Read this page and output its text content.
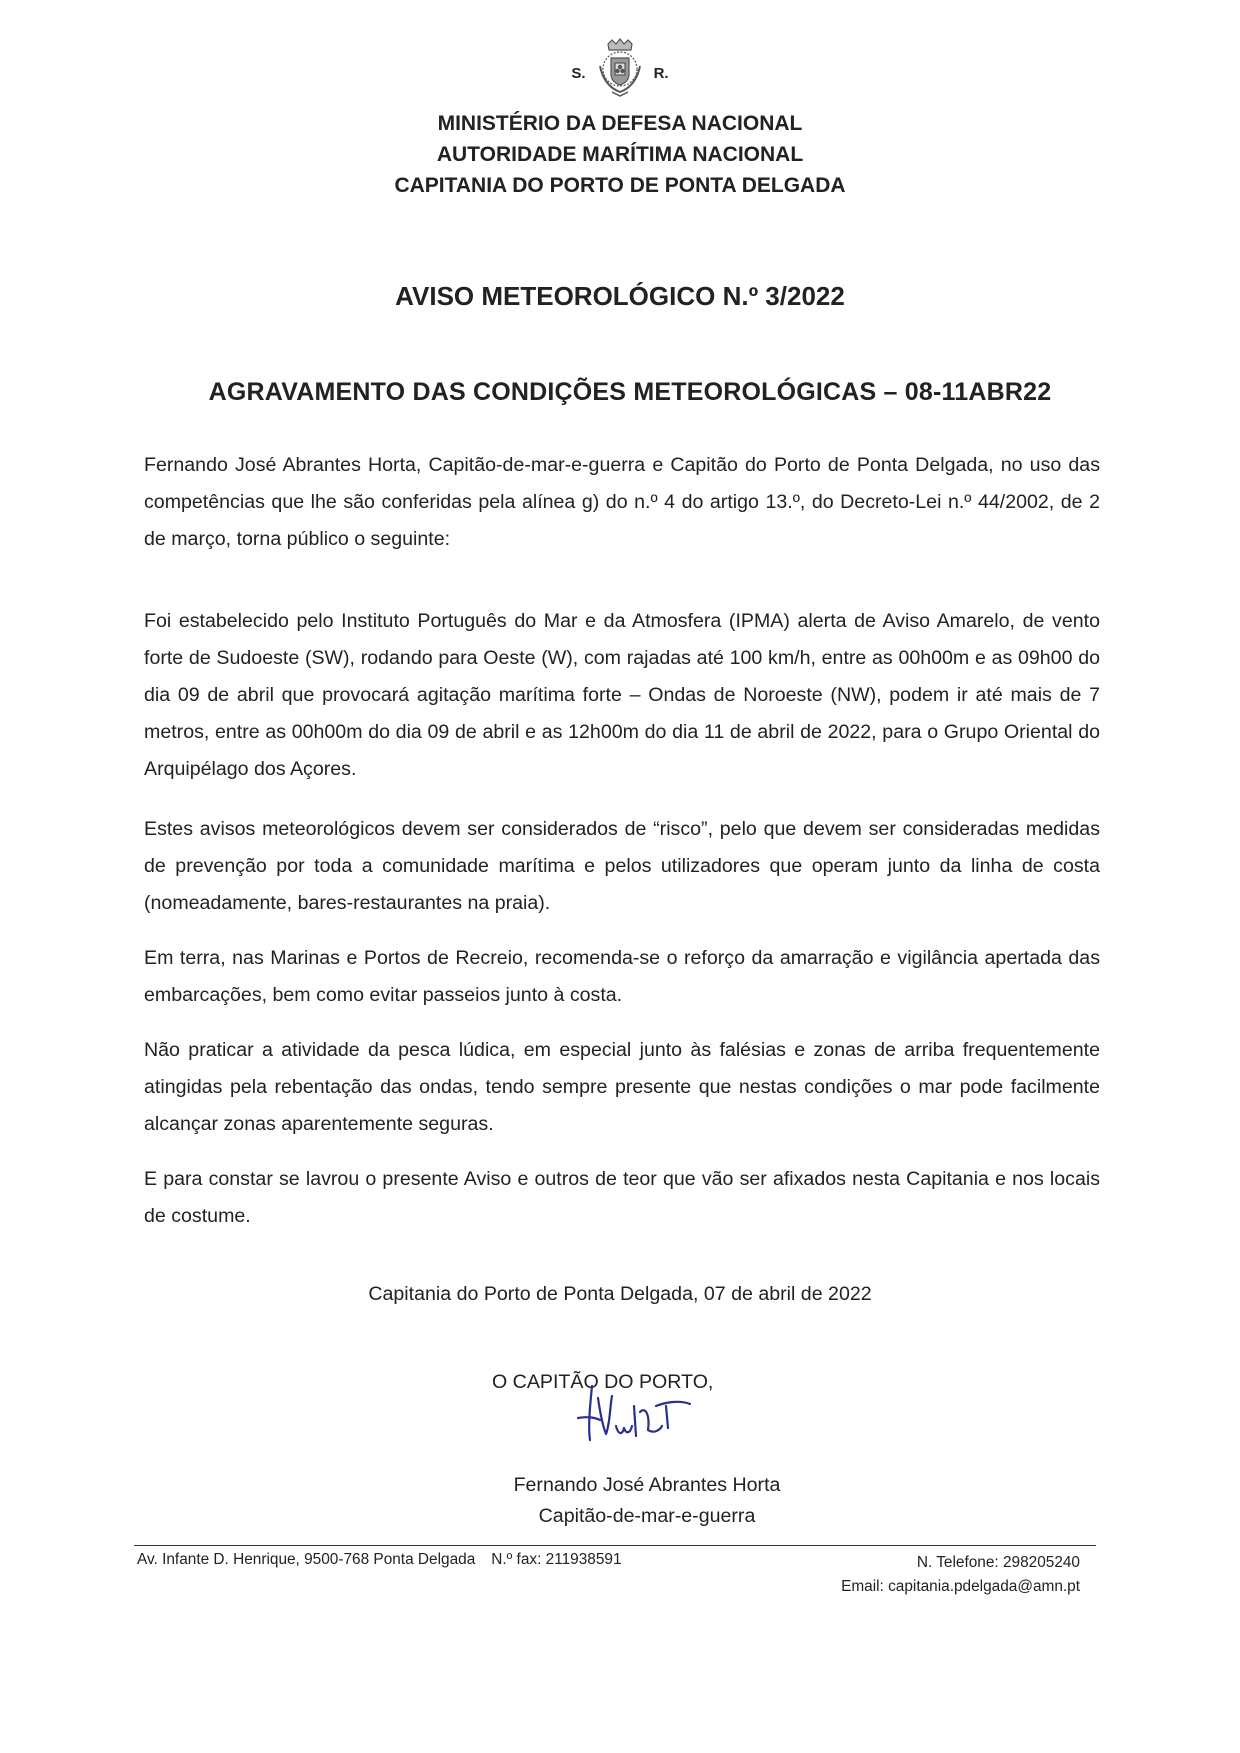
S.	R.
MINISTÉRIO DA DEFESA NACIONAL
AUTORIDADE MARÍTIMA NACIONAL
CAPITANIA DO PORTO DE PONTA DELGADA
AVISO METEOROLÓGICO N.º 3/2022
AGRAVAMENTO DAS CONDIÇÕES METEOROLÓGICAS – 08-11ABR22

Fernando José Abrantes Horta, Capitão-de-mar-e-guerra e Capitão do Porto de Ponta Delgada, no uso das competências que lhe são conferidas pela alínea g) do n.º 4 do artigo 13.º, do Decreto-Lei n.º 44/2002, de 2 de março, torna público o seguinte:

Foi estabelecido pelo Instituto Português do Mar e da Atmosfera (IPMA) alerta de Aviso Amarelo, de vento forte de Sudoeste (SW), rodando para Oeste (W), com rajadas até 100 km/h, entre as 00h00m e as 09h00 do dia 09 de abril que provocará agitação marítima forte – Ondas de Noroeste (NW), podem ir até mais de 7 metros, entre as 00h00m do dia 09 de abril e as 12h00m do dia 11 de abril de 2022, para o Grupo Oriental do Arquipélago dos Açores.

Estes avisos meteorológicos devem ser considerados de “risco”, pelo que devem ser consideradas medidas de prevenção por toda a comunidade marítima e pelos utilizadores que operam junto da linha de costa (nomeadamente, bares-restaurantes na praia).

Em terra, nas Marinas e Portos de Recreio, recomenda-se o reforço da amarração e vigilância apertada das embarcações, bem como evitar passeios junto à costa.

Não praticar a atividade da pesca lúdica, em especial junto às falésias e zonas de arriba frequentemente atingidas pela rebentação das ondas, tendo sempre presente que nestas condições o mar pode facilmente alcançar zonas aparentemente seguras.

E para constar se lavrou o presente Aviso e outros de teor que vão ser afixados nesta Capitania e nos locais de costume.

Capitania do Porto de Ponta Delgada, 07 de abril de 2022
O CAPITÃO DO PORTO,
Fernando José Abrantes Horta
Capitão-de-mar-e-guerra
Av. Infante D. Henrique, 9500-768 Ponta Delgada N.º fax: 211938591	N. Telefone: 298205240
Email: capitania.pdelgada@amn.pt
